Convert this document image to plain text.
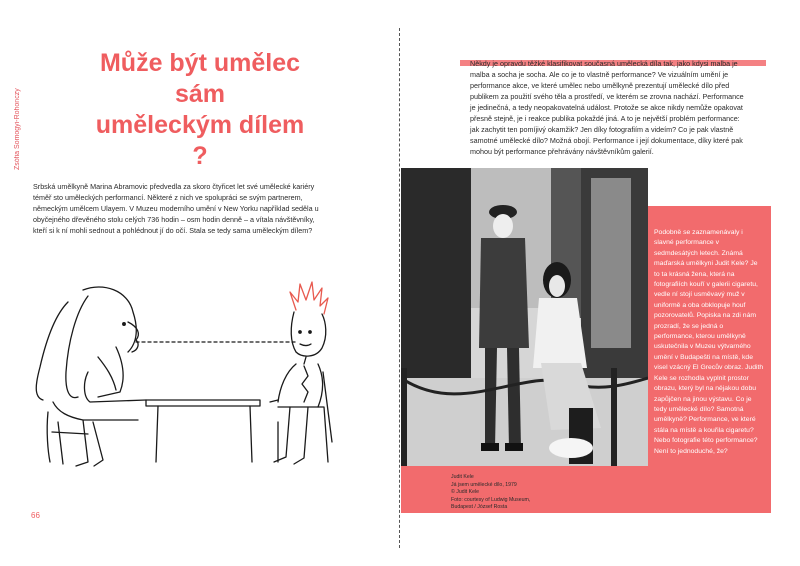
Zsófia Somogyi-Rohonczy
Může být umělec
sám
uměleckým dílem
?
Srbská umělkyně Marina Abramovic předvedla za skoro čtyřicet let své umělecké kariéry téměř sto uměleckých performancí. Některé z nich ve spolupráci se svým partnerem, německým umělcem Ulayem. V Muzeu moderního umění v New Yorku například seděla u obyčejného dřevěného stolu celých 736 hodin – osm hodin denně – a vítala návštěvníky, kteří si k ní mohli sednout a pohlédnout jí do očí. Stala se tedy sama uměleckým dílem?
66
Někdy je opravdu těžké klasifikovat současná umělecká díla tak, jako kdysi malba je malba a socha je socha. Ale co je to vlastně performance? Ve vizuálním umění je performance akce, ve které umělec nebo umělkyně prezentují umělecké dílo před publikem za použití svého těla a prostředí, ve kterém se zrovna nachází. Performance je jedinečná, a tedy neopakovatelná událost. Protože se akce nikdy nemůže opakovat přesně stejně, je i reakce publika pokaždé jiná. A to je největší problém performance: jak zachytit ten pomíjivý okamžik? Jen díky fotografiím a videím? Co je pak vlastně samotné umělecké dílo? Možná obojí. Performance i její dokumentace, díky které pak mohou být performance přehrávány návštěvníkům galerií.
Podobně se zaznamenávaly i slavné performance v sedmdesátých letech. Známá maďarská umělkyni Judit Kele? Je to ta krásná žena, která na fotografiích kouří v galerii cigaretu, vedle ní stojí usměvavý muž v uniformě a oba obklopuje houf pozorovatelů. Popiska na zdi nám prozradí, že se jedná o performance, kterou umělkyně uskutečnila v Muzeu výtvarného umění v Budapešti na místě, kde visel vzácný El Grecův obraz. Judith Kele se rozhodla vyplnit prostor obrazu, který byl na nějakou dobu zapůjčen na jinou výstavu. Co je tedy umělecké dílo? Samotná umělkyně? Performance, ve které stála na místě a kouřila cigaretu? Nebo fotografie této performance? Není to jednoduché, že?
Judit Kele
Já jsem umělecké dílo, 1979
© Judit Kele
Foto: courtesy of Ludwig Museum,
Budapest / József Rosta
